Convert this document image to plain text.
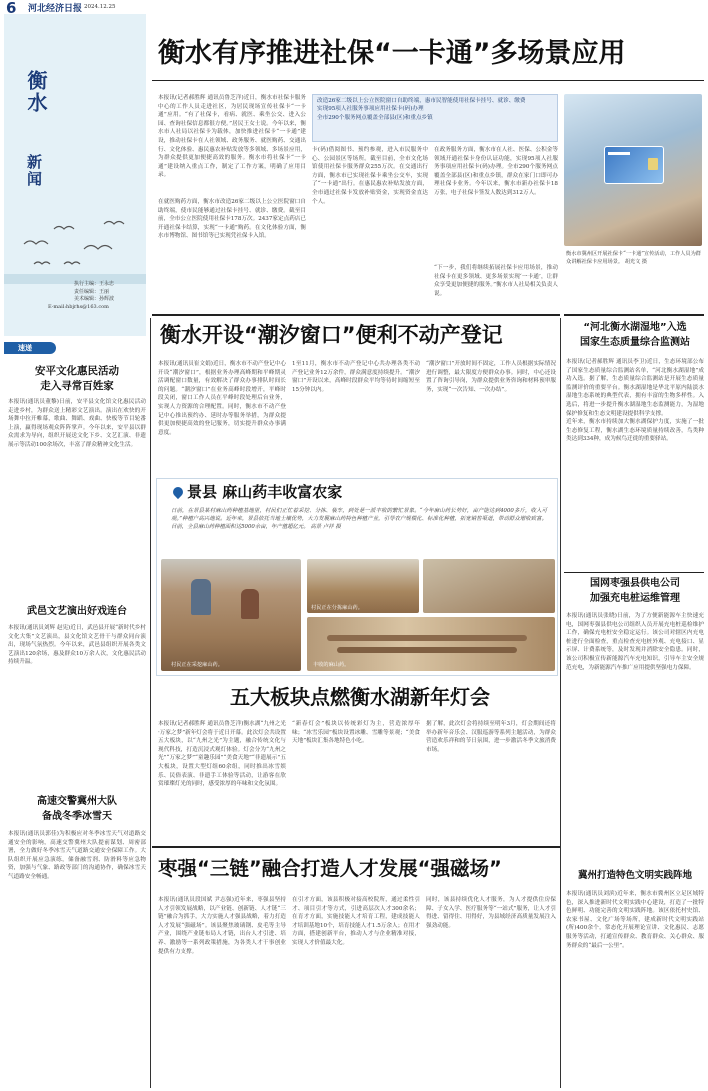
6 河北经济日报 2024.12.25
衡水
新闻
执行主编：王永忠
责任编辑：王丽
美术编辑：孙辉波
E-mail:hbjrhs@163.com
衡水有序推进社保“一卡通”多场景应用
改造26家二级以上公立医院窗口自助终端，惠市民智能使用社保卡挂号、就诊、缴费
实现95项人社服务事项应用社保卡(码)办理
全市290个服务网点覆盖全部县(区)和重点乡镇
本报讯(记者郝胜辉 通讯员鲁芝洋)近日，衡水市社保卡服务中心的工作人员走进社区，为居民现场宣传社保卡“一卡通”应用。“有了社保卡，看病、就医、乘坐公交、进入公园、查询社保信息都很方便。”居民王女士说。今年以来，衡水市人社局以社保卡为载体，加快推进社保卡“一卡通”建设，推动社保卡在人社领域、政务服务、就医购药、交通出行、文化体验、惠民惠农补贴发放等多领域、多场景应用，为群众提供更加便捷高效的服务。衡水市将社保卡“一卡通”建设纳入重点工作，制定了工作方案，明确了应用目录。
在就医购药方面，衡水市改造26家二级以上公立医院窗口自助终端，使市民能够通过社保卡挂号、就诊、缴费。截至目前，全市公立医院使用社保卡178万次。2437家定点药店已开通社保卡结算，实现“一卡通”购药。在文化体验方面，衡水市博物馆、图书馆等已实现凭社保卡入馆。
卡(码)借阅图书、预约参观，进入市民服务中心、公园景区等场所。截至目前，全市文化场馆使用社保卡服务群众255万次。在交通出行方面，衡水市已实现社保卡乘坐公交车，实现了“一卡通”出行。在惠民惠农补贴发放方面，全市通过社保卡发放补贴资金，实现资金直达个人。
在政务服务方面，衡水市在人社、医保、公积金等领域开通社保卡身份认证功能，实现95项人社服务事项应用社保卡(码)办理。全市290个服务网点覆盖全部县(区)和重点乡镇，群众在家门口即可办理社保卡业务。今年以来，衡水市新办社保卡18万张，电子社保卡签发人数达到312万人。
“下一步，我们将继续拓展社保卡应用场景，推动社保卡在更多领域、更多场景实现‘一卡通’，让群众享受更加便捷的服务。”衡水市人社局相关负责人说。
衡水市冀州区开展社保卡“一卡通”宣传活动，工作人员为群众讲解社保卡应用场景。 胡光文 摄
速递
安平文化惠民活动
走入寻常百姓家
本报讯(通讯员董黎)日前，安平县文化馆文化惠民活动走进乡村，为群众送上精彩文艺演出。演出在欢快的开场舞中拉开帷幕，歌曲、舞蹈、戏曲、快板等节目轮番上演，赢得现场观众阵阵掌声。今年以来，安平县以群众需求为导向，组织开展送文化下乡、文艺汇演、非遗展示等活动100余场次，丰富了群众精神文化生活。
武邑文艺演出好戏连台
本报讯(通讯员刘辉 赵宪)近日，武邑县开展“新时代乡村文化大集”文艺演出，县文化馆文艺骨干与群众同台演出，现场气氛热烈。今年以来，武邑县组织开展各类文艺演出120余场，惠及群众10万余人次，文化惠民活动持续升温。
高速交警冀州大队
备战冬季冰雪天
本报讯(通讯员郭佳)为积极应对冬季冰雪天气对道路交通安全的影响，高速交警冀州大队提前谋划、周密部署，全力做好冬季冰雪天气道路交通安全保障工作。大队组织开展应急演练，储备融雪剂、防滑料等应急物资，加强与气象、路政等部门的沟通协作，确保冰雪天气道路安全畅通。
衡水开设“潮汐窗口”便利不动产登记
本报讯(通讯员崔文娟)近日，衡水市不动产登记中心开设“潮汐窗口”，根据业务办理高峰期和平峰期灵活调配窗口数量，有效解决了群众办事排队时间长的问题。“潮汐窗口”在业务高峰时段增开，平峰时段关闭，窗口工作人员在平峰时段处理后台业务，实现人力资源的合理配置。同时，衡水市不动产登记中心推出预约办、延时办等服务举措，为群众提供更加便捷高效的登记服务，切实提升群众办事满意度。
1至11月，衡水市不动产登记中心共办理各类不动产登记业务12万余件，群众满意度持续提升。“潮汐窗口”开设以来，高峰时段群众平均等待时间缩短至15分钟以内。
“潮汐窗口”开放时间不固定，工作人员根据实际情况进行调整，最大限度方便群众办事。同时，中心还设置了咨询引导岗，为群众提供业务咨询和材料预审服务，实现“一次告知、一次办结”。
景县 麻山药丰收富农家
日前，在景县某村麻山药种植基地里，村民们正忙着采挖、分拣、装车，到处是一派丰收的繁忙景象。“今年麻山药长势好，亩产能达到4000多斤，收入可观。”种植户高兴地说。近年来，景县依托当地土壤优势，大力发展麻山药特色种植产业，引导农户规模化、标准化种植，拓宽销售渠道，带动群众增收致富。目前，全县麻山药种植面积达5000余亩，年产值超亿元。 高景 卢祥 摄
村民正在采挖麻山药。
村民正在分拣麻山药。
丰收的麻山药。
五大板块点燃衡水湖新年灯会
本报讯(记者郝胜辉 通讯员鲁芝洋)衡水湖“九州之光·万家之梦”新年灯会将于近日开幕。此次灯会共设置五大板块，以“九州之光”为主题，融合传统文化与现代科技，打造沉浸式观灯体验。灯会分为“九州之光”“万家之梦”“童趣乐园”“美食天地”“非遗展示”五大板块，设置大型灯组60余组，同时推出冰雪娱乐、民俗表演、非遗手工体验等活动，让游客在欣赏璀璨灯光的同时，感受浓厚的年味和文化氛围。
“新春灯会”板块以传统彩灯为主，营造浓厚年味；“冰雪乐园”板块设置冰雕、雪雕等景观；“美食天地”板块汇集各地特色小吃。
据了解，此次灯会将持续至明年3月，灯会期间还将举办新年音乐会、汉服巡游等系列主题活动，为群众营造欢乐祥和的节日氛围，进一步激活冬季文旅消费市场。
枣强“三链”融合打造人才发展“强磁场”
本报讯(通讯员段国斌 尹志强)近年来，枣强县坚持人才引领发展战略，以产业链、创新链、人才链“三链”融合为抓手，大力实施人才强县战略，着力打造人才发展“强磁场”。该县聚焦玻璃钢、皮毛等主导产业，围绕产业链布局人才链，出台人才引进、培养、激励等一系列政策措施，为各类人才干事创业提供有力支撑。
在引才方面，该县积极对接高校院所，通过柔性引才、项目引才等方式，引进高层次人才300余名；在育才方面，实施技能人才培育工程，建成技能人才培训基地10个，培育技能人才1.5万余人；在用才方面，搭建创新平台，推动人才与企业精准对接，实现人才价值最大化。
同时，该县持续优化人才服务，为人才提供住房保障、子女入学、医疗服务等“一站式”服务，让人才引得进、留得住、用得好，为县域经济高质量发展注入强劲动能。
“河北衡水湖湿地”入选
国家生态质量综合监测站
本报讯(记者郝胜辉 通讯员李卫)近日，生态环境部公布了国家生态质量综合监测站名单，“河北衡水湖湿地”成功入选。据了解，生态质量综合监测站是开展生态质量监测评价的重要平台。衡水湖湿地是华北平原内陆淡水湿地生态系统的典型代表，拥有丰富的生物多样性。入选后，将进一步提升衡水湖湿地生态监测能力，为湿地保护修复和生态文明建设提供科学支撑。
近年来，衡水市持续加大衡水湖保护力度，实施了一批生态修复工程，衡水湖生态环境质量持续改善，鸟类种类达到334种，成为候鸟迁徙的重要驿站。
国网枣强县供电公司
加强充电桩运维管理
本报讯(通讯员张晓)日前，为了方便新能源车主快速充电，国网枣强县供电公司组织人员开展充电桩巡检维护工作，确保充电桩安全稳定运行。该公司对辖区内充电桩进行全面检查，重点检查充电桩外观、充电接口、显示屏、计费系统等，及时发现并消除安全隐患。同时，该公司积极宣传新能源汽车充电知识，引导车主安全规范充电，为新能源汽车推广应用提供坚强电力保障。
冀州打造特色文明实践阵地
本报讯(通讯员刘滨)近年来，衡水市冀州区立足区域特色，深入推进新时代文明实践中心建设，打造了一批特色鲜明、功能完善的文明实践阵地。该区依托村史馆、农家书屋、文化广场等场所，建成新时代文明实践站(所)400余个，常态化开展理论宣讲、文化惠民、志愿服务等活动，打通宣传群众、教育群众、关心群众、服务群众的“最后一公里”。
